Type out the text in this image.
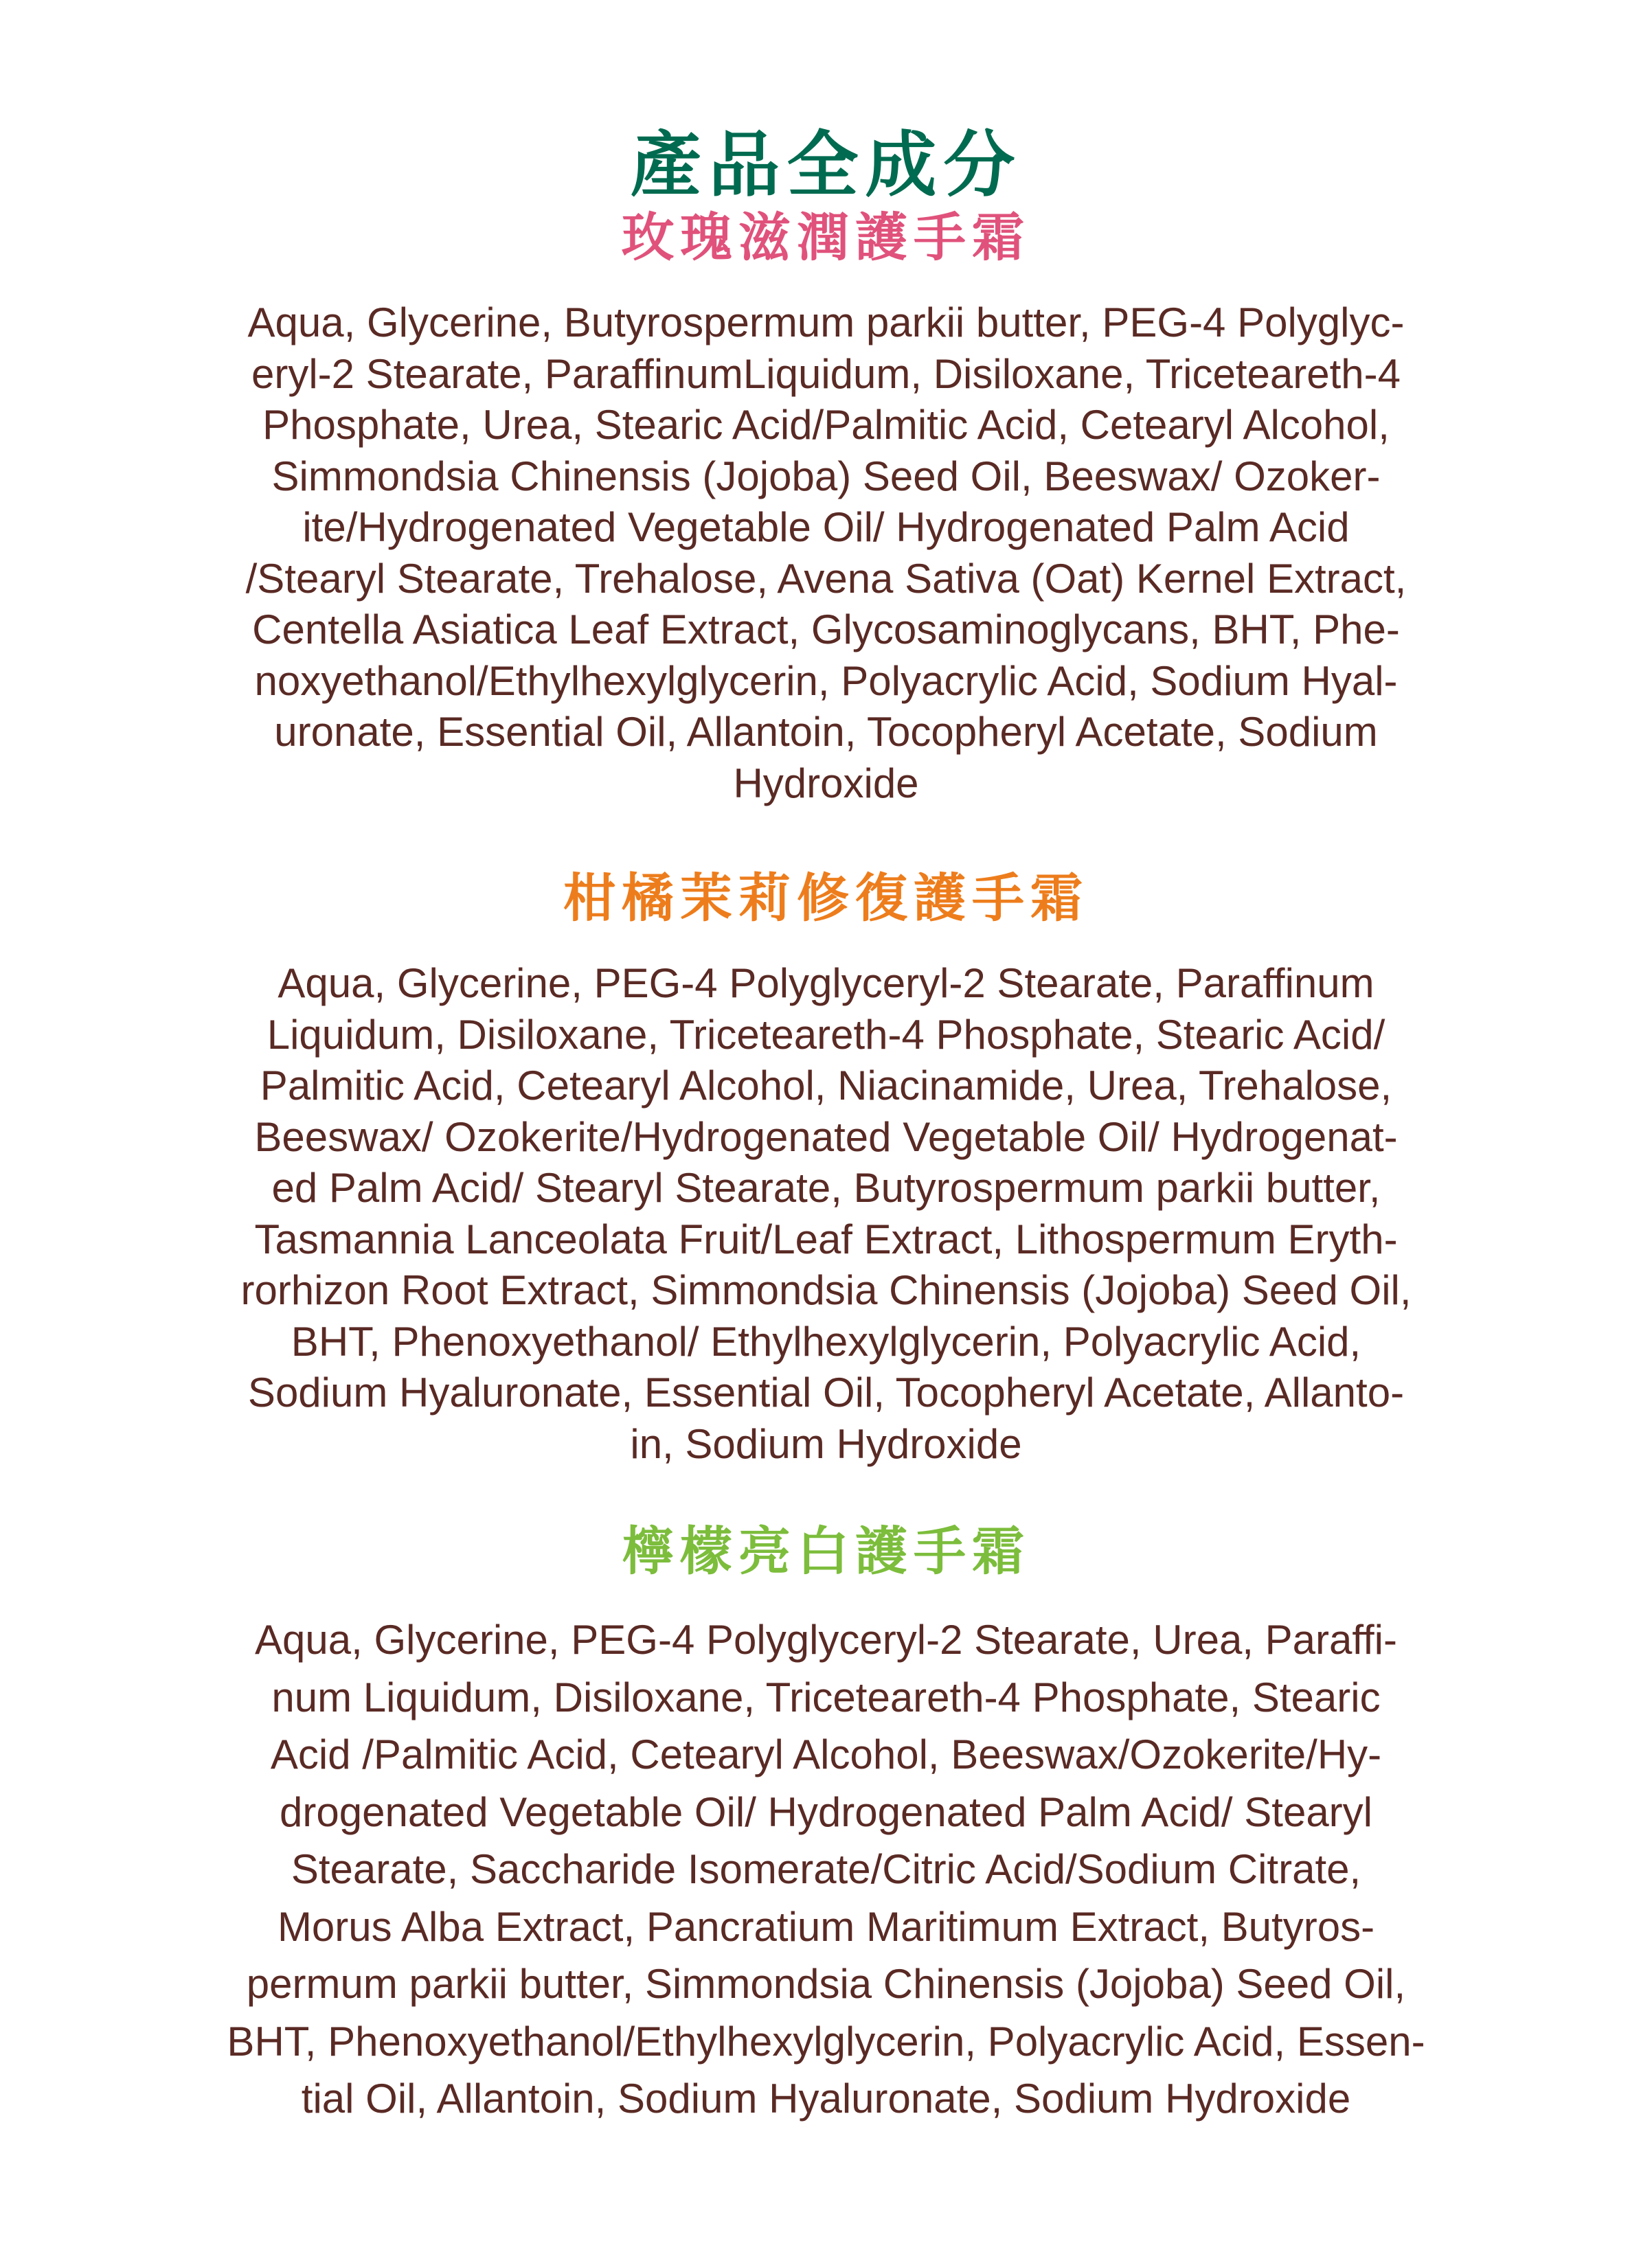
產品全成分
玫瑰滋潤護手霜

Aqua, Glycerine, Butyrospermum parkii butter, PEG-4 Polyglyc-
eryl-2 Stearate, ParaffinumLiquidum, Disiloxane, Triceteareth-4
Phosphate, Urea, Stearic Acid/Palmitic Acid, Cetearyl Alcohol,
Simmondsia Chinensis (Jojoba) Seed Oil, Beeswax/ Ozoker-
ite/Hydrogenated Vegetable Oil/ Hydrogenated Palm Acid
/Stearyl Stearate, Trehalose, Avena Sativa (Oat) Kernel Extract,
Centella Asiatica Leaf Extract, Glycosaminoglycans, BHT, Phe-
noxyethanol/Ethylhexylglycerin, Polyacrylic Acid, Sodium Hyal-
uronate, Essential Oil, Allantoin, Tocopheryl Acetate, Sodium
Hydroxide

柑橘茉莉修復護手霜

Aqua, Glycerine, PEG-4 Polyglyceryl-2 Stearate, Paraffinum
Liquidum, Disiloxane, Triceteareth-4 Phosphate, Stearic Acid/
Palmitic Acid, Cetearyl Alcohol, Niacinamide, Urea, Trehalose,
Beeswax/ Ozokerite/Hydrogenated Vegetable Oil/ Hydrogenat-
ed Palm Acid/ Stearyl Stearate, Butyrospermum parkii butter,
Tasmannia Lanceolata Fruit/Leaf Extract, Lithospermum Eryth-
rorhizon Root Extract, Simmondsia Chinensis (Jojoba) Seed Oil,
BHT, Phenoxyethanol/ Ethylhexylglycerin, Polyacrylic Acid,
Sodium Hyaluronate, Essential Oil, Tocopheryl Acetate, Allanto-
in, Sodium Hydroxide

檸檬亮白護手霜

Aqua, Glycerine, PEG-4 Polyglyceryl-2 Stearate, Urea, Paraffi-
num Liquidum, Disiloxane, Triceteareth-4 Phosphate, Stearic
Acid /Palmitic Acid, Cetearyl Alcohol, Beeswax/Ozokerite/Hy-
drogenated Vegetable Oil/ Hydrogenated Palm Acid/ Stearyl
Stearate, Saccharide Isomerate/Citric Acid/Sodium Citrate,
Morus Alba Extract, Pancratium Maritimum Extract, Butyros-
permum parkii butter, Simmondsia Chinensis (Jojoba) Seed Oil,
BHT, Phenoxyethanol/Ethylhexylglycerin, Polyacrylic Acid, Essen-
tial Oil, Allantoin, Sodium Hyaluronate, Sodium Hydroxide
